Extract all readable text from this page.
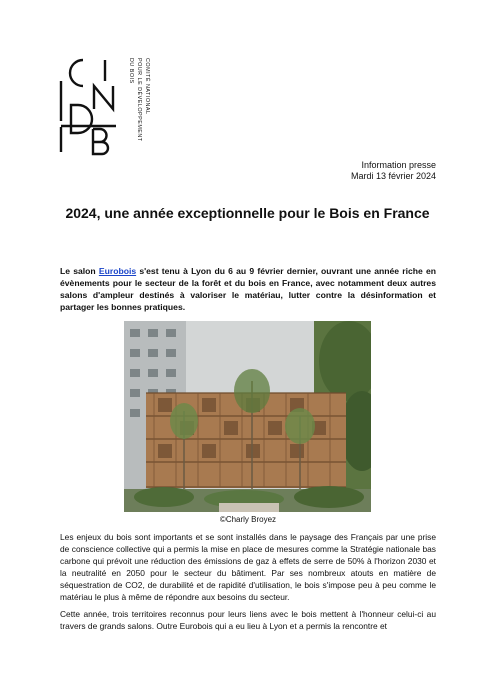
COMITÉ NATIONAL
POUR LE DÉVELOPPEMENT
DU BOIS
Information presse
Mardi 13 février 2024
2024, une année exceptionnelle pour le Bois en France
Le salon Eurobois s'est tenu à Lyon du 6 au 9 février dernier, ouvrant une année riche en évènements pour le secteur de la forêt et du bois en France, avec notamment deux autres salons d'ampleur destinés à valoriser le matériau, lutter contre la désinformation et partager les bonnes pratiques.
©Charly Broyez
Les enjeux du bois sont importants et se sont installés dans le paysage des Français par une prise de conscience collective qui a permis la mise en place de mesures comme la Stratégie nationale bas carbone qui prévoit une réduction des émissions de gaz à effets de serre de 50% à l'horizon 2030 et la neutralité en 2050 pour le secteur du bâtiment. Par ses nombreux atouts en matière de séquestration de CO2, de durabilité et de rapidité d'utilisation, le bois s'impose peu à peu comme le matériau le plus à même de répondre aux besoins du secteur.
Cette année, trois territoires reconnus pour leurs liens avec le bois mettent à l'honneur celui-ci au travers de grands salons. Outre Eurobois qui a eu lieu à Lyon et a permis la rencontre et
